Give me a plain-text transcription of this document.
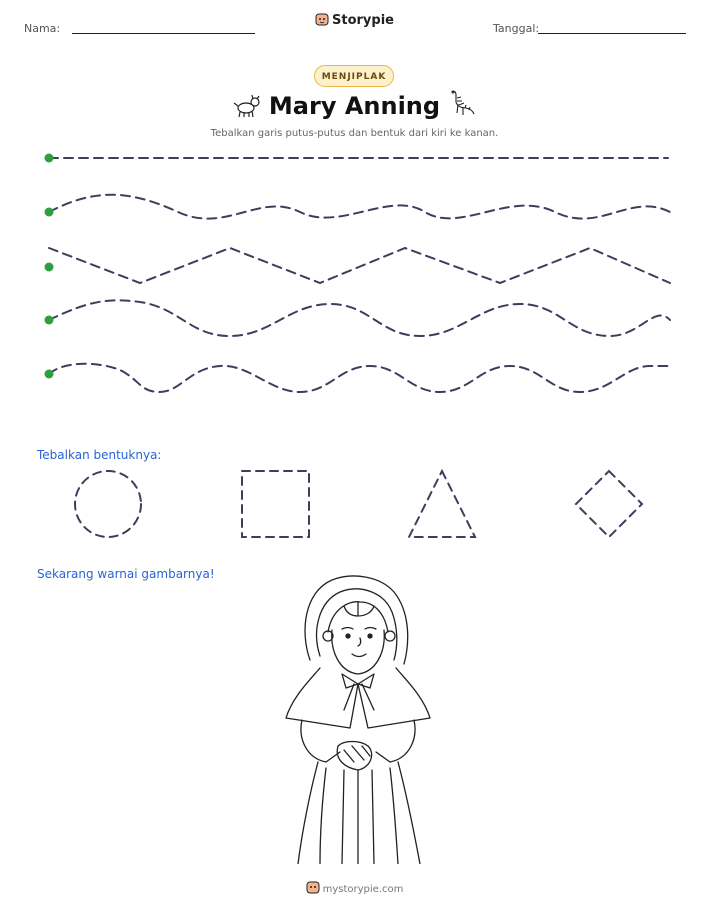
Nama:
Storypie
Tanggal:
MENJIPLAK
Mary Anning
Tebalkan garis putus-putus dan bentuk dari kiri ke kanan.
Tebalkan bentuknya:
Sekarang warnai gambarnya!
mystorypie.com
